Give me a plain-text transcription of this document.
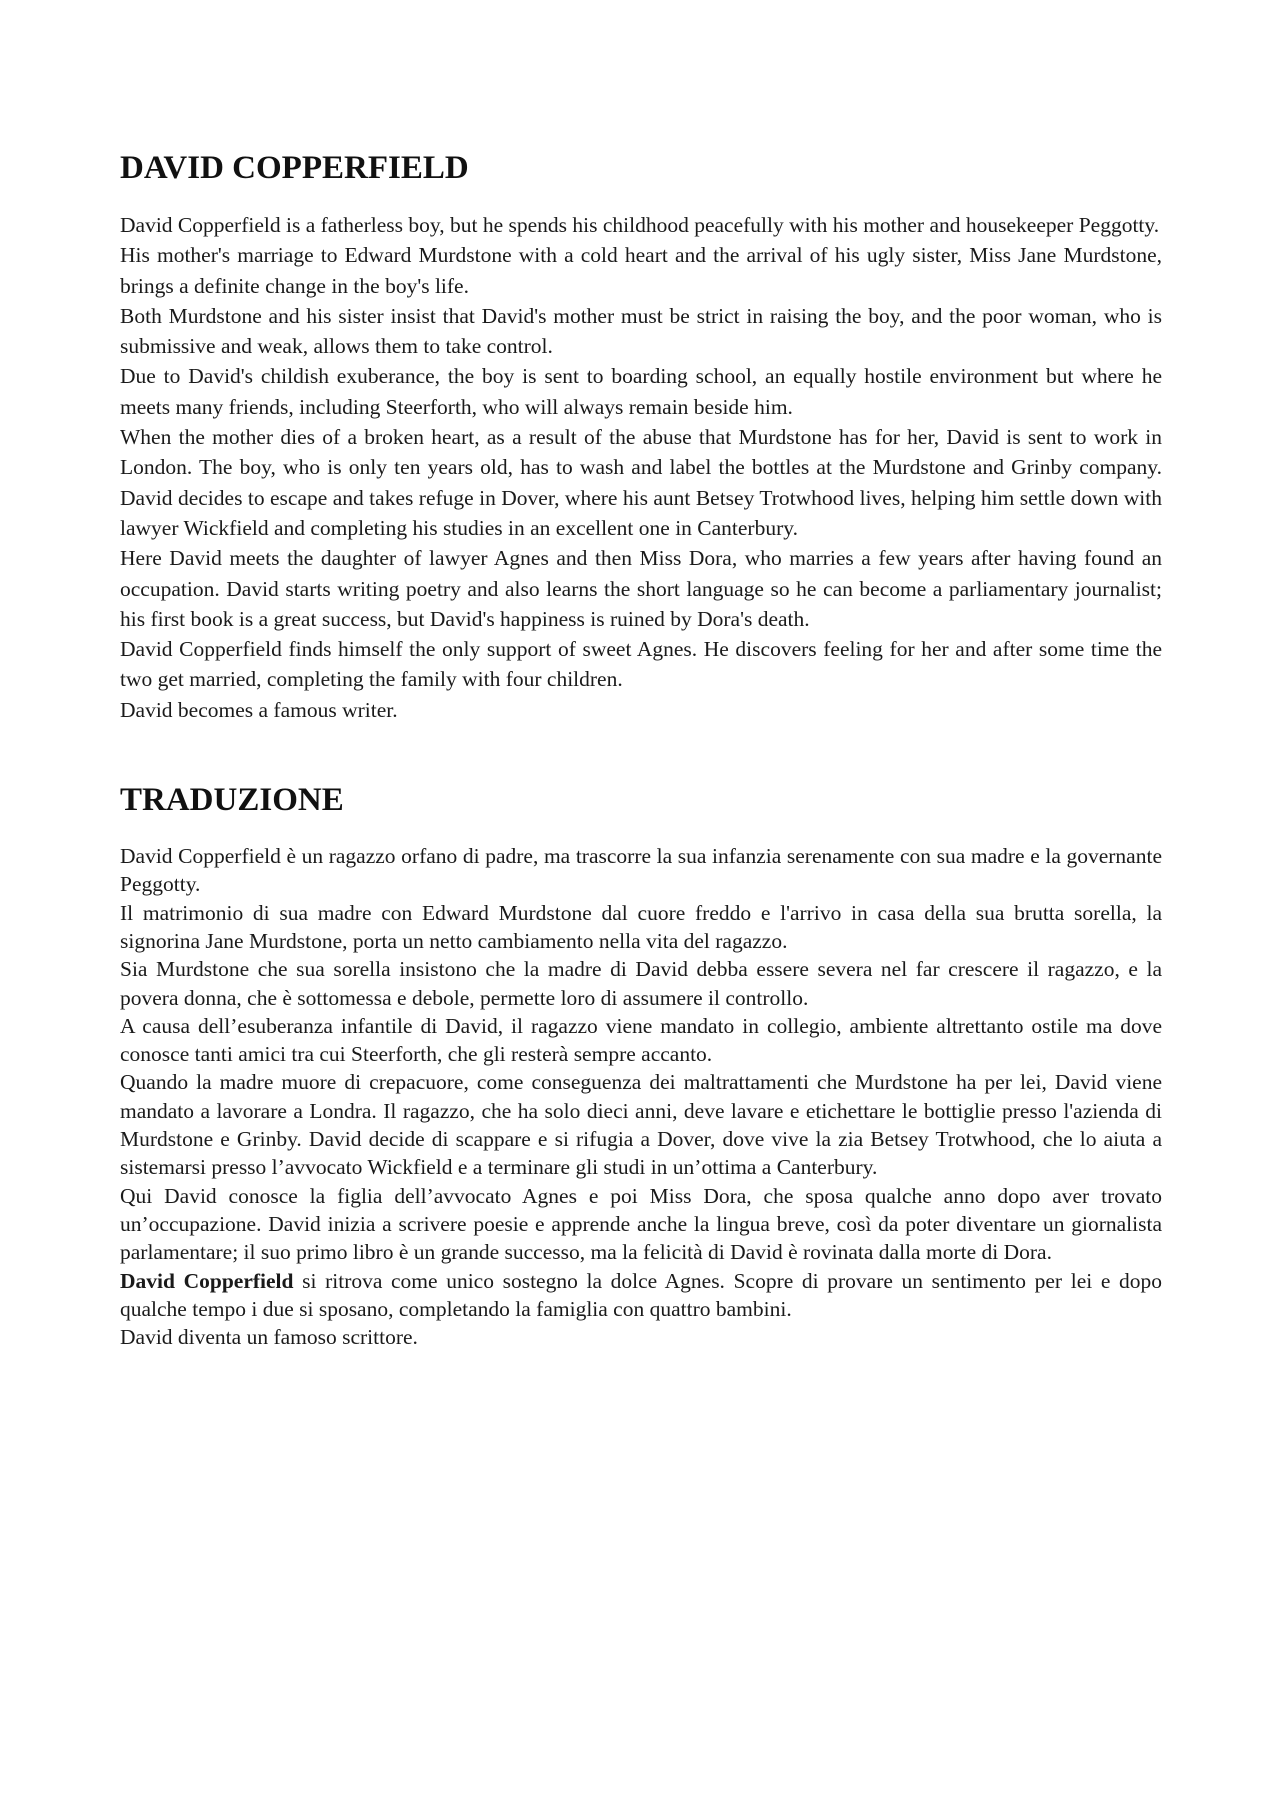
DAVID COPPERFIELD

David Copperfield is a fatherless boy, but he spends his childhood peacefully with his mother and housekeeper Peggotty.

His mother's marriage to Edward Murdstone with a cold heart and the arrival of his ugly sister, Miss Jane Murdstone, brings a definite change in the boy's life.

Both Murdstone and his sister insist that David's mother must be strict in raising the boy, and the poor woman, who is submissive and weak, allows them to take control.

Due to David's childish exuberance, the boy is sent to boarding school, an equally hostile environment but where he meets many friends, including Steerforth, who will always remain beside him.

When the mother dies of a broken heart, as a result of the abuse that Murdstone has for her, David is sent to work in London. The boy, who is only ten years old, has to wash and label the bottles at the Murdstone and Grinby company. David decides to escape and takes refuge in Dover, where his aunt Betsey Trotwhood lives, helping him settle down with lawyer Wickfield and completing his studies in an excellent one in Canterbury.

Here David meets the daughter of lawyer Agnes and then Miss Dora, who marries a few years after having found an occupation. David starts writing poetry and also learns the short language so he can become a parliamentary journalist; his first book is a great success, but David's happiness is ruined by Dora's death.

David Copperfield finds himself the only support of sweet Agnes. He discovers feeling for her and after some time the two get married, completing the family with four children.

David becomes a famous writer.

TRADUZIONE

David Copperfield è un ragazzo orfano di padre, ma trascorre la sua infanzia serenamente con sua madre e la governante Peggotty.

Il matrimonio di sua madre con Edward Murdstone dal cuore freddo e l'arrivo in casa della sua brutta sorella, la signorina Jane Murdstone, porta un netto cambiamento nella vita del ragazzo.

Sia Murdstone che sua sorella insistono che la madre di David debba essere severa nel far crescere il ragazzo, e la povera donna, che è sottomessa e debole, permette loro di assumere il controllo.

A causa dell’esuberanza infantile di David, il ragazzo viene mandato in collegio, ambiente altrettanto ostile ma dove conosce tanti amici tra cui Steerforth, che gli resterà sempre accanto.

Quando la madre muore di crepacuore, come conseguenza dei maltrattamenti che Murdstone ha per lei, David viene mandato a lavorare a Londra. Il ragazzo, che ha solo dieci anni, deve lavare e etichettare le bottiglie presso l'azienda di Murdstone e Grinby. David decide di scappare e si rifugia a Dover, dove vive la zia Betsey Trotwhood, che lo aiuta a sistemarsi presso l’avvocato Wickfield e a terminare gli studi in un’ottima a Canterbury.

Qui David conosce la figlia dell’avvocato Agnes e poi Miss Dora, che sposa qualche anno dopo aver trovato un’occupazione. David inizia a scrivere poesie e apprende anche la lingua breve, così da poter diventare un giornalista parlamentare; il suo primo libro è un grande successo, ma la felicità di David è rovinata dalla morte di Dora.

David Copperfield si ritrova come unico sostegno la dolce Agnes. Scopre di provare un sentimento per lei e dopo qualche tempo i due si sposano, completando la famiglia con quattro bambini.

David diventa un famoso scrittore.
